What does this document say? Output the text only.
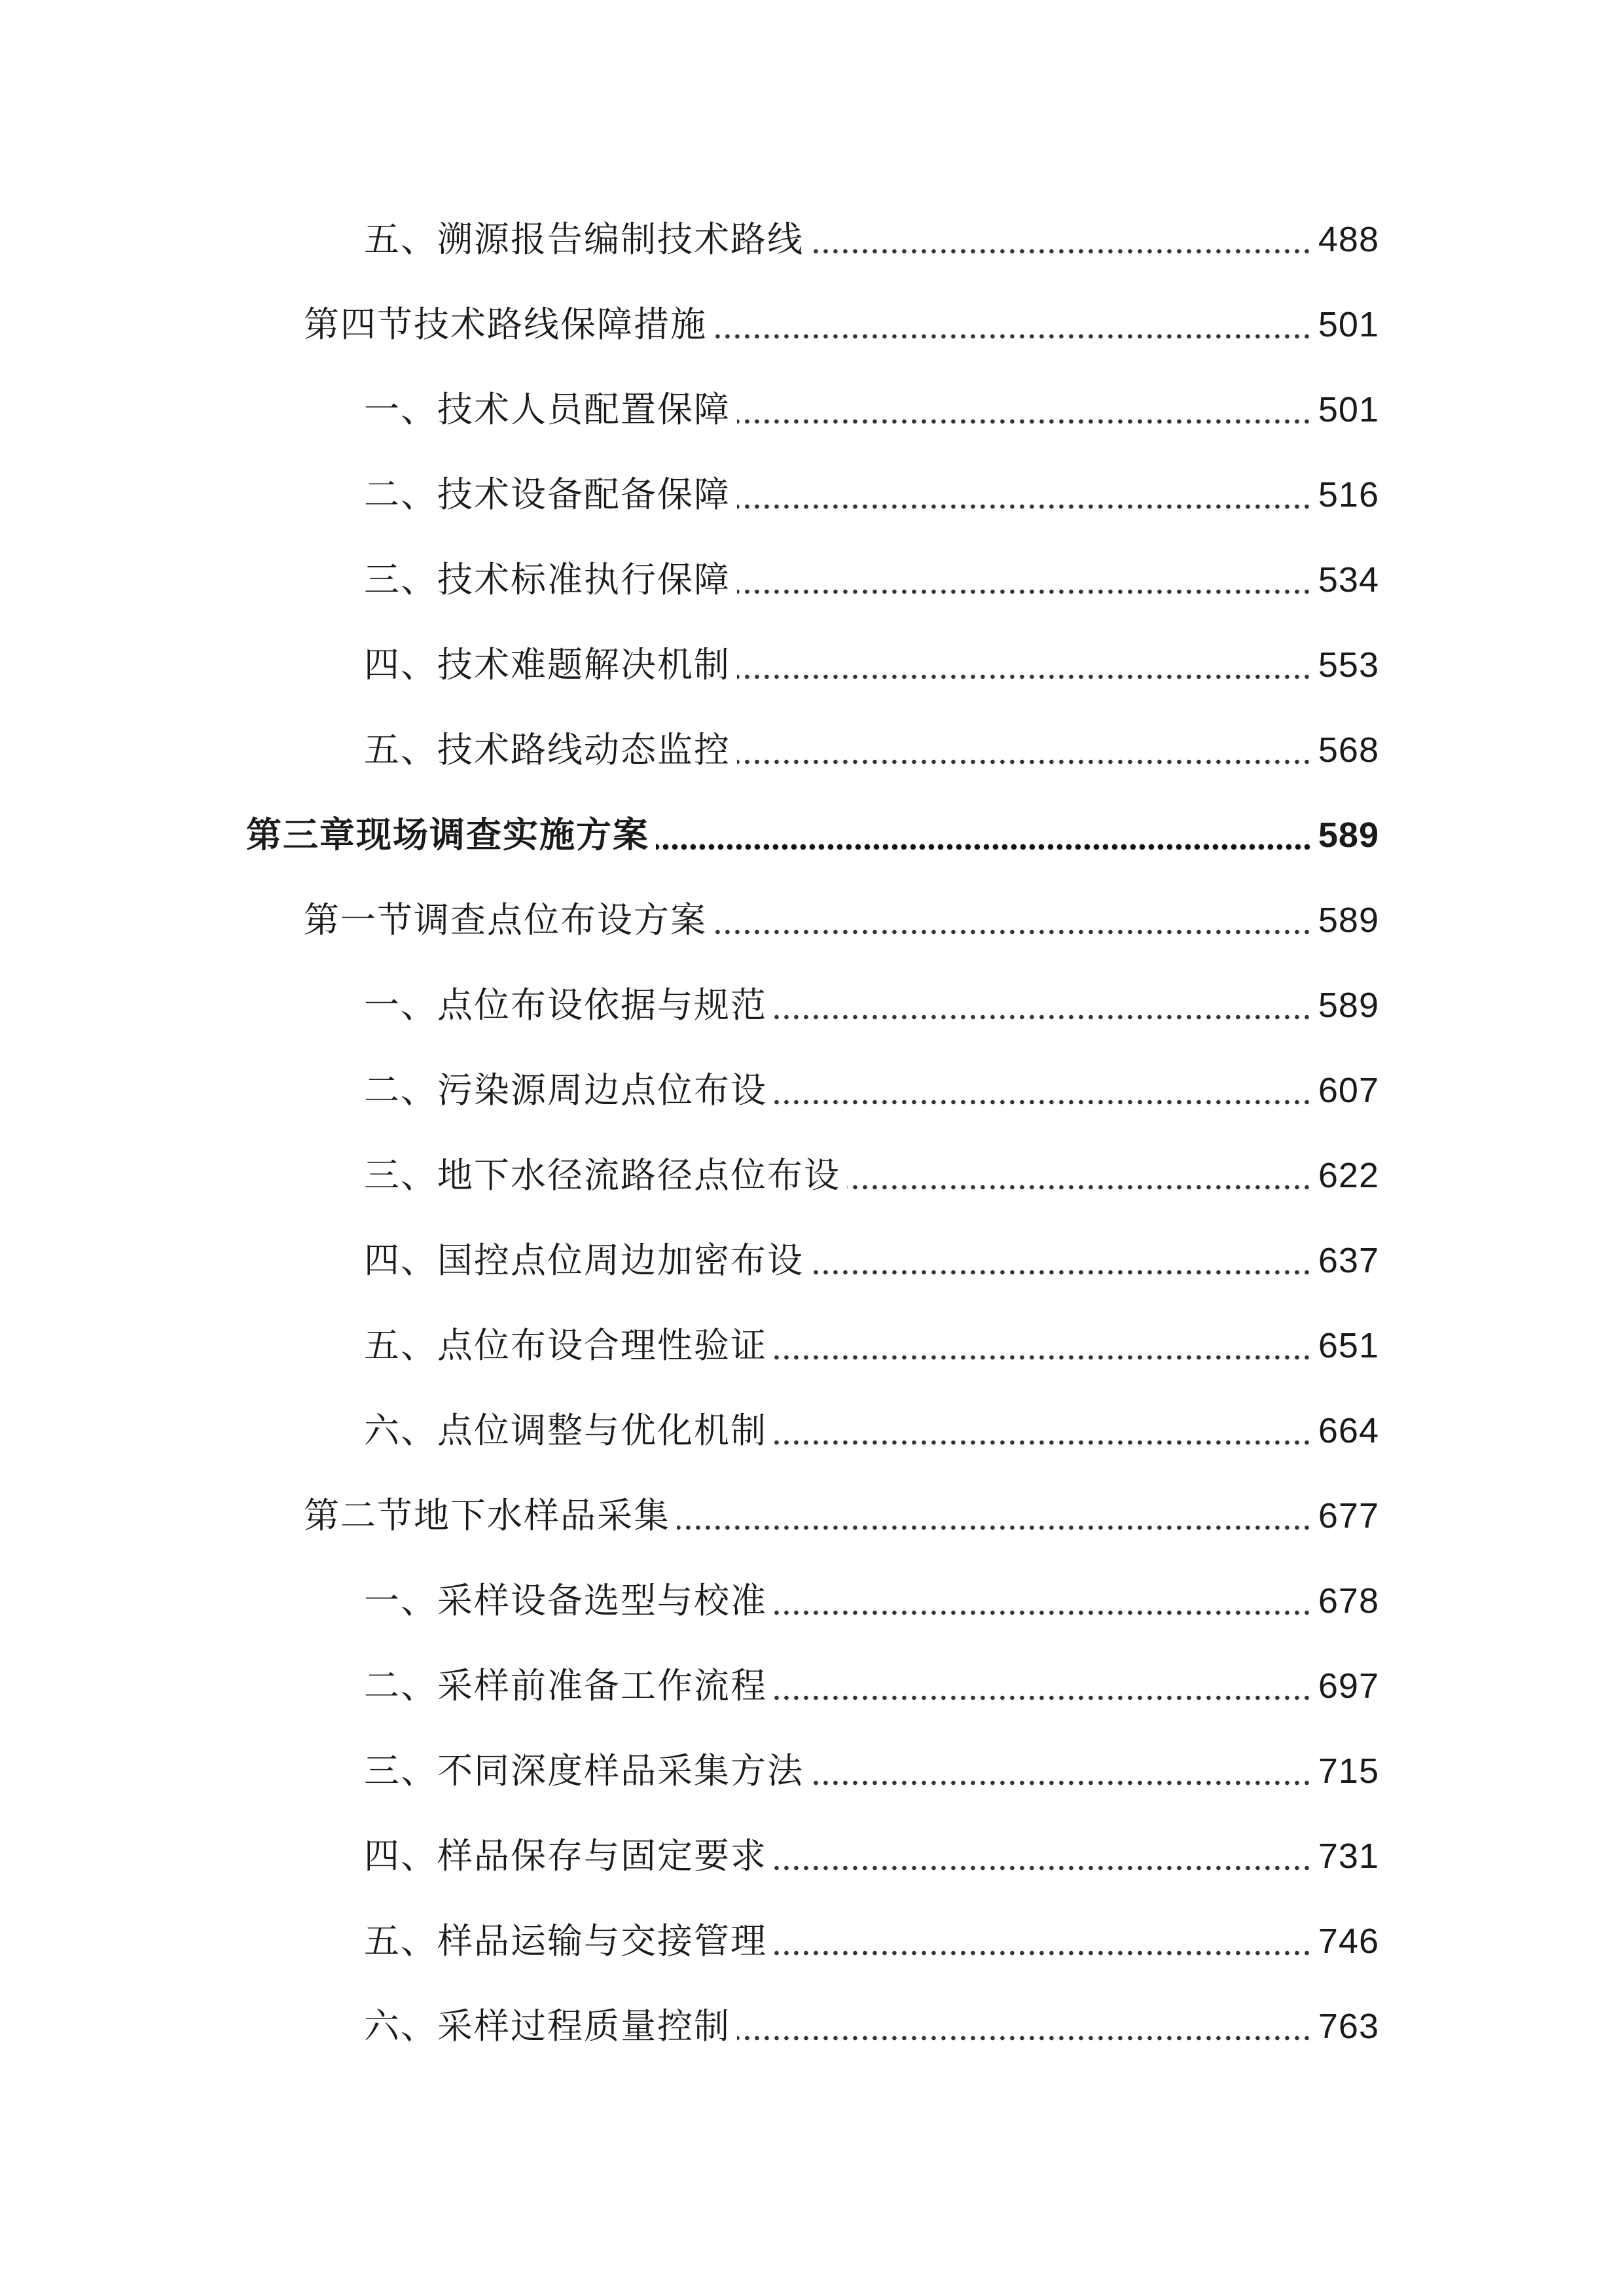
五、溯源报告编制技术路线	488
第四节技术路线保障措施	501
一、技术人员配置保障	501
二、技术设备配备保障	516
三、技术标准执行保障	534
四、技术难题解决机制	553
五、技术路线动态监控	568
第三章现场调查实施方案	589
第一节调查点位布设方案	589
一、点位布设依据与规范	589
二、污染源周边点位布设	607
三、地下水径流路径点位布设	622
四、国控点位周边加密布设	637
五、点位布设合理性验证	651
六、点位调整与优化机制	664
第二节地下水样品采集	677
一、采样设备选型与校准	678
二、采样前准备工作流程	697
三、不同深度样品采集方法	715
四、样品保存与固定要求	731
五、样品运输与交接管理	746
六、采样过程质量控制	763
